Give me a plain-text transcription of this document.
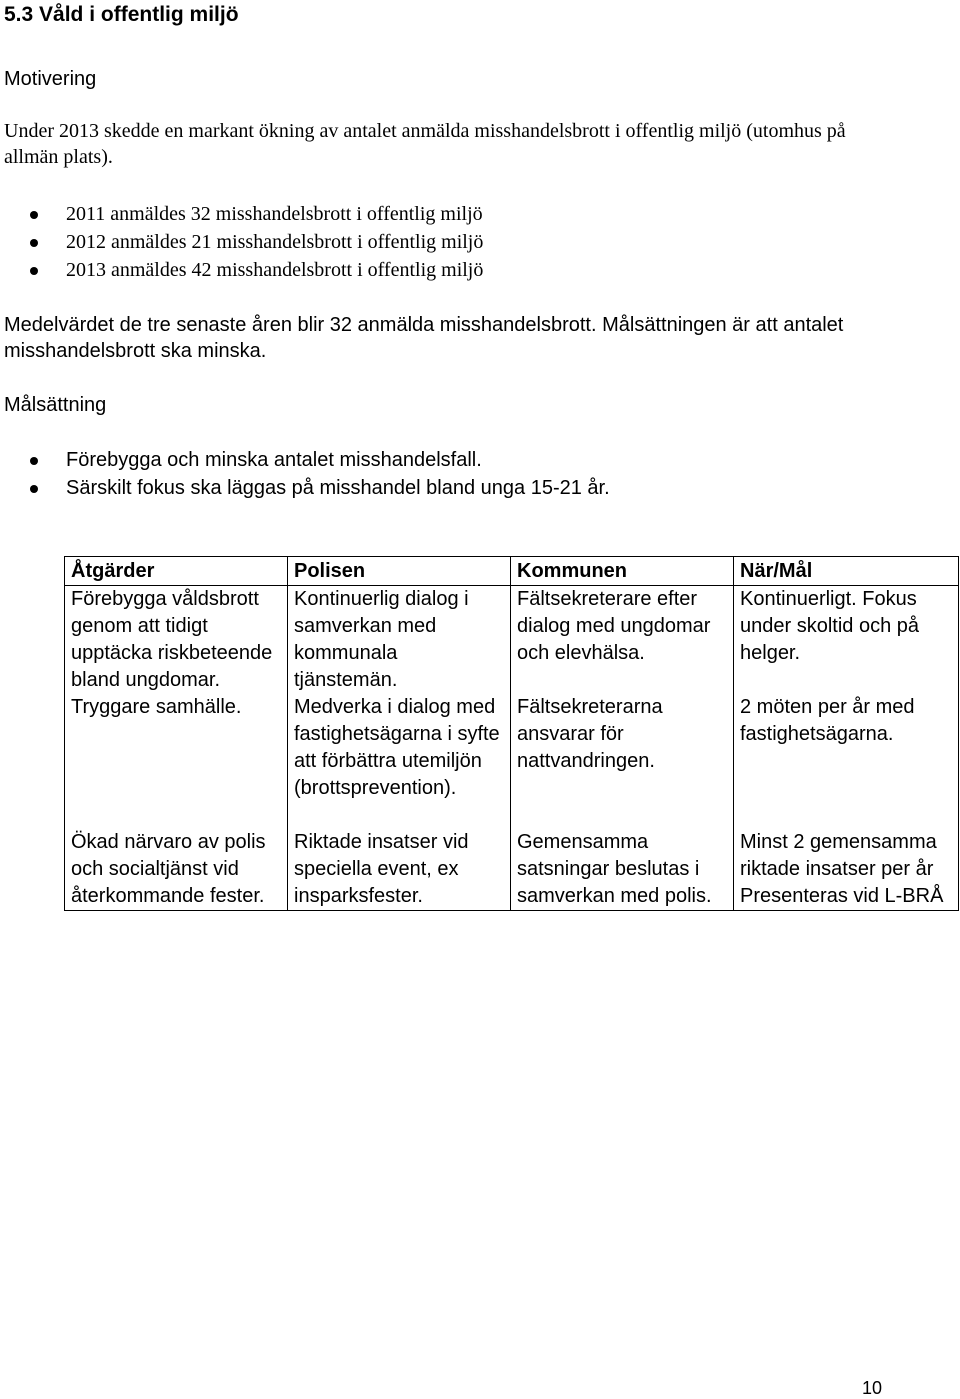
5.3 Våld i offentlig miljö

Motivering

Under 2013 skedde en markant ökning av antalet anmälda misshandelsbrott i offentlig miljö (utomhus på allmän plats).

2011 anmäldes 32 misshandelsbrott i offentlig miljö
2012 anmäldes 21 misshandelsbrott i offentlig miljö
2013 anmäldes 42 misshandelsbrott i offentlig miljö

Medelvärdet de tre senaste åren blir 32 anmälda misshandelsbrott. Målsättningen är att antalet misshandelsbrott ska minska.

Målsättning

Förebygga och minska antalet misshandelsfall.
Särskilt fokus ska läggas på misshandel bland unga 15-21 år.
Åtgärder	Polisen	Kommunen	När/Mål
Förebygga våldsbrott genom att tidigt upptäcka riskbeteende bland ungdomar.	Kontinuerlig dialog i samverkan med kommunala tjänstemän.	Fältsekreterare efter dialog med ungdomar och elevhälsa.	Kontinuerligt. Fokus under skoltid och på helger.
Tryggare samhälle.	Medverka i dialog med fastighetsägarna i syfte att förbättra utemiljön (brottsprevention).	Fältsekreterarna ansvarar för nattvandringen.	2 möten per år med fastighetsägarna.
Ökad närvaro av polis och socialtjänst vid återkommande fester.	Riktade insatser vid speciella event, ex insparksfester.	Gemensamma satsningar beslutas i samverkan med polis.	Minst 2 gemensamma riktade insatser per år Presenteras vid L-BRÅ
10
